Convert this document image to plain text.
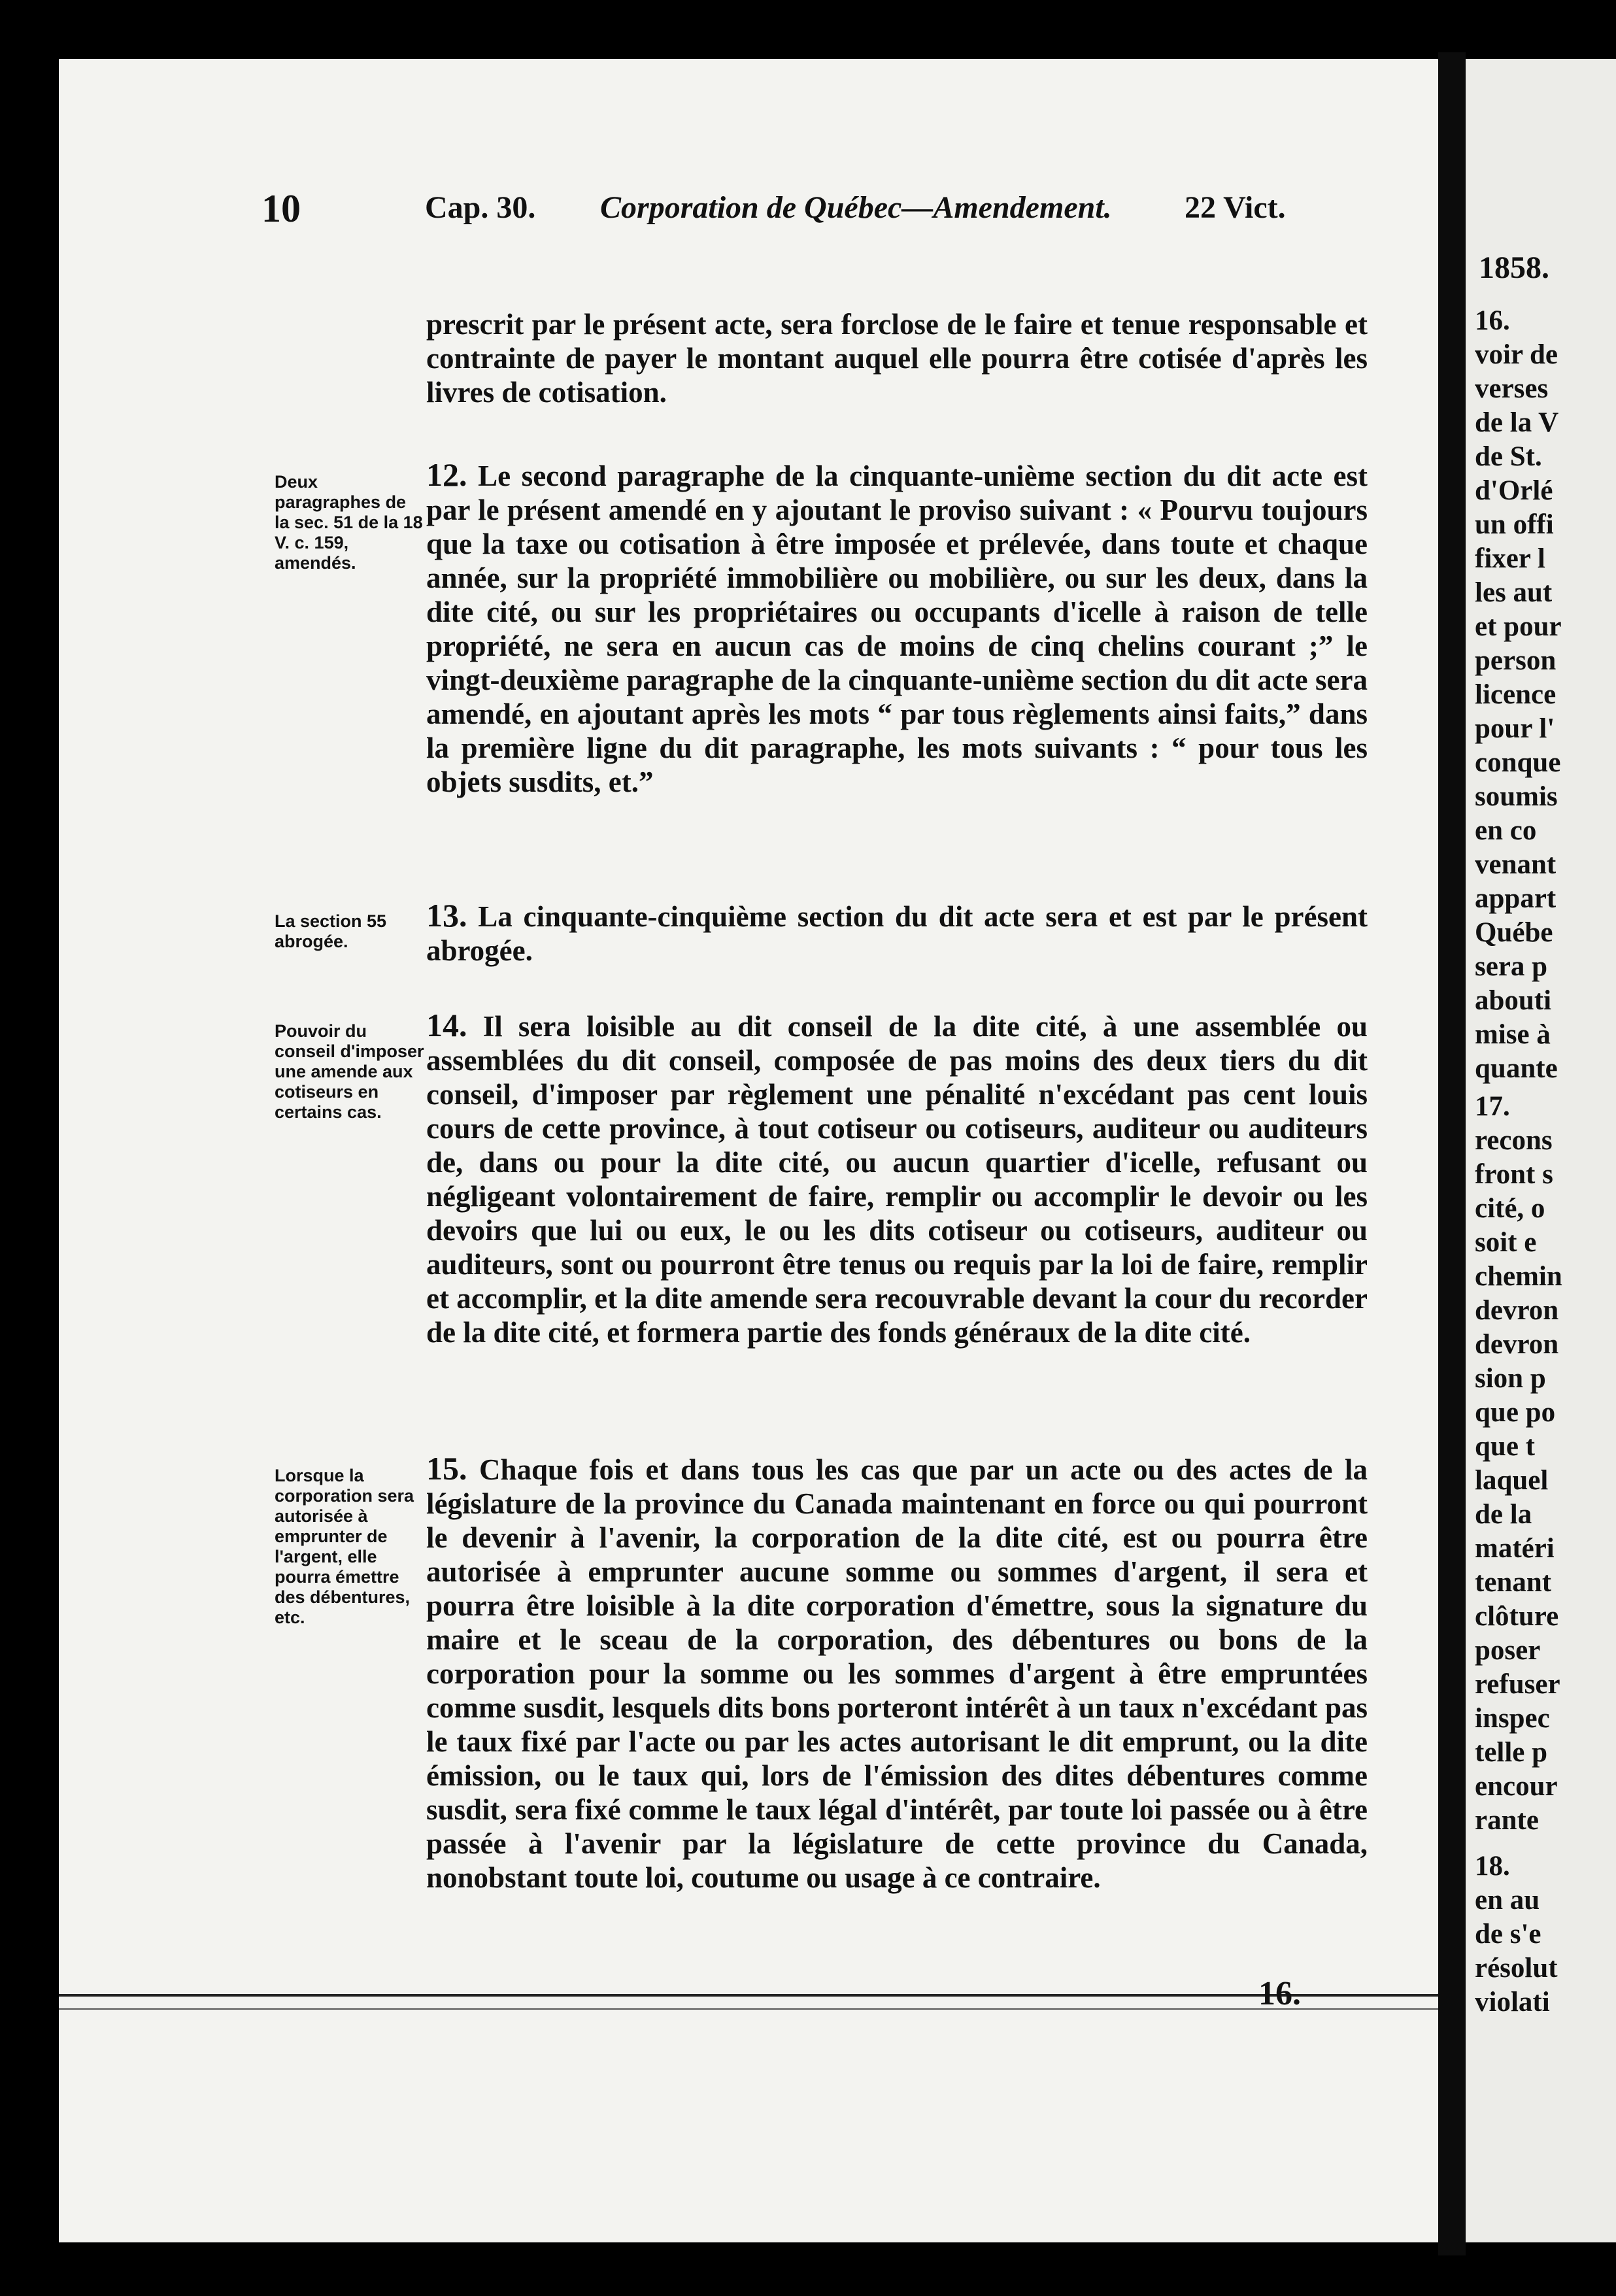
10	Cap. 30. Corporation de Québec—Amendement. 22 Vict.

prescrit par le présent acte, sera forclose de le faire et tenue responsable et contrainte de payer le montant auquel elle pourra être cotisée d'après les livres de cotisation.

Deux paragraphes de la sec. 51 de la 18 V. c. 159, amendés.

12. Le second paragraphe de la cinquante-unième section du dit acte est par le présent amendé en y ajoutant le proviso suivant : « Pourvu toujours que la taxe ou cotisation à être imposée et prélevée, dans toute et chaque année, sur la propriété immobilière ou mobilière, ou sur les deux, dans la dite cité, ou sur les propriétaires ou occupants d'icelle à raison de telle propriété, ne sera en aucun cas de moins de cinq chelins courant ;” le vingt-deuxième paragraphe de la cinquante-unième section du dit acte sera amendé, en ajoutant après les mots “ par tous règlements ainsi faits,” dans la première ligne du dit paragraphe, les mots suivants : “ pour tous les objets susdits, et.”

La section 55 abrogée.

13. La cinquante-cinquième section du dit acte sera et est par le présent abrogée.

Pouvoir du conseil d'imposer une amende aux cotiseurs en certains cas.

14. Il sera loisible au dit conseil de la dite cité, à une assemblée ou assemblées du dit conseil, composée de pas moins des deux tiers du dit conseil, d'imposer par règlement une pénalité n'excédant pas cent louis cours de cette province, à tout cotiseur ou cotiseurs, auditeur ou auditeurs de, dans ou pour la dite cité, ou aucun quartier d'icelle, refusant ou négligeant volontairement de faire, remplir ou accomplir le devoir ou les devoirs que lui ou eux, le ou les dits cotiseur ou cotiseurs, auditeur ou auditeurs, sont ou pourront être tenus ou requis par la loi de faire, remplir et accomplir, et la dite amende sera recouvrable devant la cour du recorder de la dite cité, et formera partie des fonds généraux de la dite cité.

Lorsque la corporation sera autorisée à emprunter de l'argent, elle pourra émettre des débentures, etc.

15. Chaque fois et dans tous les cas que par un acte ou des actes de la législature de la province du Canada maintenant en force ou qui pourront le devenir à l'avenir, la corporation de la dite cité, est ou pourra être autorisée à emprunter aucune somme ou sommes d'argent, il sera et pourra être loisible à la dite corporation d'émettre, sous la signature du maire et le sceau de la corporation, des débentures ou bons de la corporation pour la somme ou les sommes d'argent à être empruntées comme susdit, lesquels dits bons porteront intérêt à un taux n'excédant pas le taux fixé par l'acte ou par les actes autorisant le dit emprunt, ou la dite émission, ou le taux qui, lors de l'émission des dites débentures comme susdit, sera fixé comme le taux légal d'intérêt, par toute loi passée ou à être passée à l'avenir par la législature de cette province du Canada, nonobstant toute loi, coutume ou usage à ce contraire.

16.
1858.
16.
voir de
verses
de la V
de St.
d'Orlé
un offi
fixer l
les aut
et pour
person
licence
pour l'
conque
soumis
en co
venant
appart
Québe
sera p
abouti
mise à
quante
17.
recons
front s
cité, o
soit e
chemin
devron
devron
sion p
que po
que t
laquel
de la
matéri
tenant
clôture
poser
refuser
inspec
telle p
encour
rante
18.
en au
de s'e
résolut
violati
